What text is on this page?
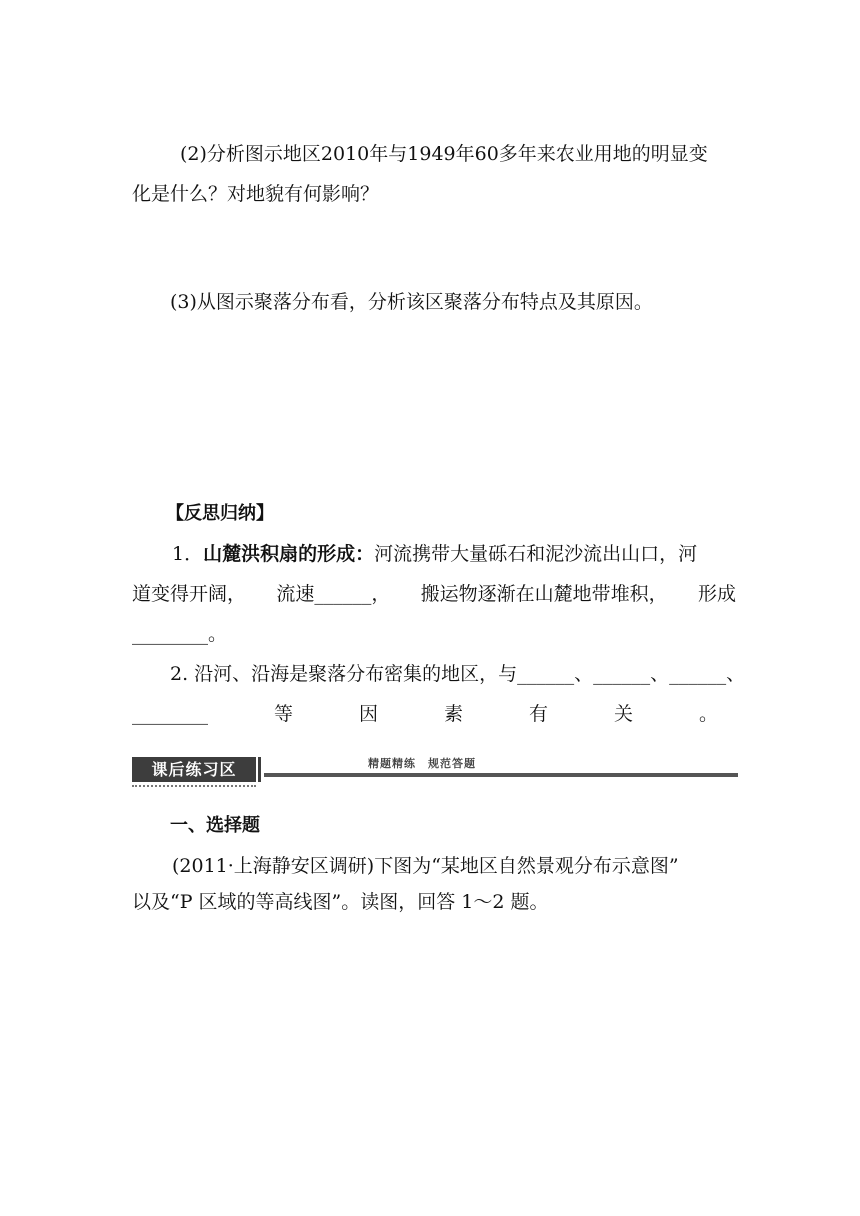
(2)分析图示地区2010年与1949年60多年来农业用地的明显变
化是什么？对地貌有何影响？
(3)从图示聚落分布看，分析该区聚落分布特点及其原因。
【反思归纳】
1．山麓洪积扇的形成：河流携带大量砾石和泥沙流出山口，河
道变得开阔， 流速______， 搬运物逐渐在山麓地带堆积， 形成
________。
2. 沿河、沿海是聚落分布密集的地区，与______、______、______、
________	等	因	素	有	关	。
课后练习区	精题精练　规范答题
一、选择题
(2011·上海静安区调研)下图为“某地区自然景观分布示意图”
以及“P 区域的等高线图”。读图，回答 1～2 题。
